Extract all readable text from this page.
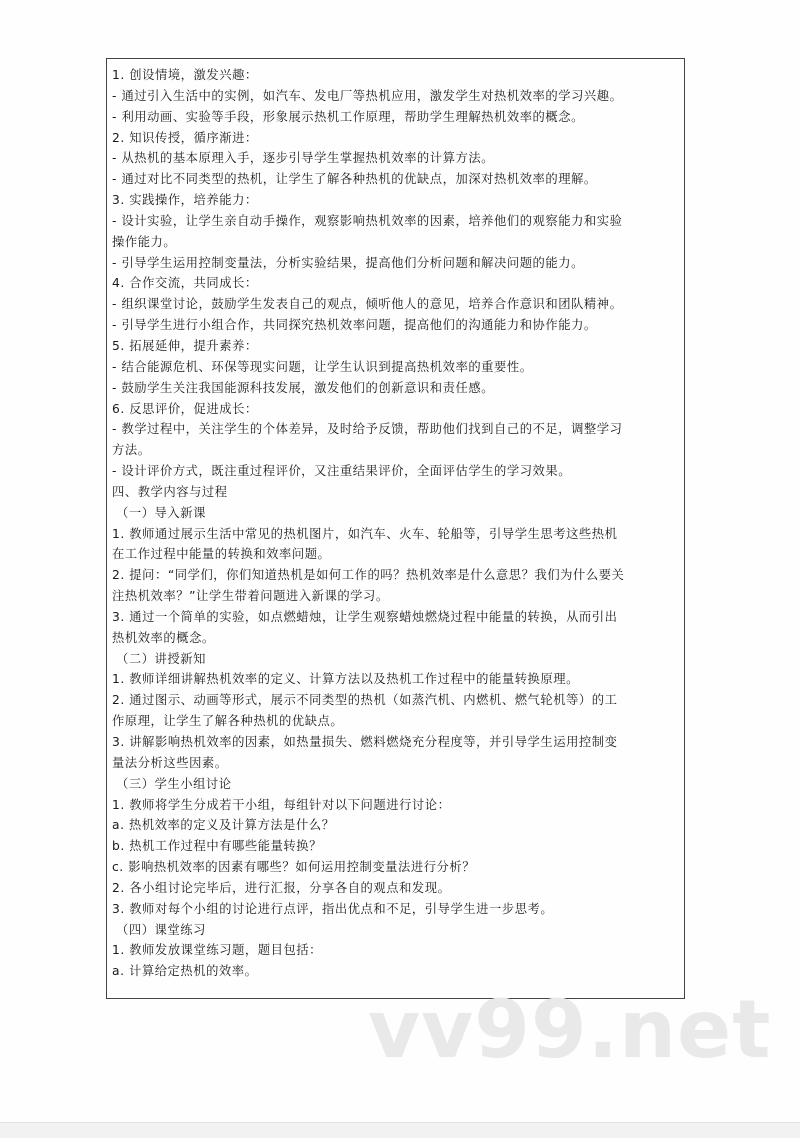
1. 创设情境，激发兴趣：
- 通过引入生活中的实例，如汽车、发电厂等热机应用，激发学生对热机效率的学习兴趣。
- 利用动画、实验等手段，形象展示热机工作原理，帮助学生理解热机效率的概念。
2. 知识传授，循序渐进：
- 从热机的基本原理入手，逐步引导学生掌握热机效率的计算方法。
- 通过对比不同类型的热机，让学生了解各种热机的优缺点，加深对热机效率的理解。
3. 实践操作，培养能力：
- 设计实验，让学生亲自动手操作，观察影响热机效率的因素，培养他们的观察能力和实验
操作能力。
- 引导学生运用控制变量法，分析实验结果，提高他们分析问题和解决问题的能力。
4. 合作交流，共同成长：
- 组织课堂讨论，鼓励学生发表自己的观点，倾听他人的意见，培养合作意识和团队精神。
- 引导学生进行小组合作，共同探究热机效率问题，提高他们的沟通能力和协作能力。
5. 拓展延伸，提升素养：
- 结合能源危机、环保等现实问题，让学生认识到提高热机效率的重要性。
- 鼓励学生关注我国能源科技发展，激发他们的创新意识和责任感。
6. 反思评价，促进成长：
- 教学过程中，关注学生的个体差异，及时给予反馈，帮助他们找到自己的不足，调整学习
方法。
- 设计评价方式，既注重过程评价，又注重结果评价，全面评估学生的学习效果。
四、教学内容与过程
（一）导入新课
1. 教师通过展示生活中常见的热机图片，如汽车、火车、轮船等，引导学生思考这些热机
在工作过程中能量的转换和效率问题。
2. 提问：“同学们，你们知道热机是如何工作的吗？热机效率是什么意思？我们为什么要关
注热机效率？”让学生带着问题进入新课的学习。
3. 通过一个简单的实验，如点燃蜡烛，让学生观察蜡烛燃烧过程中能量的转换，从而引出
热机效率的概念。
（二）讲授新知
1. 教师详细讲解热机效率的定义、计算方法以及热机工作过程中的能量转换原理。
2. 通过图示、动画等形式，展示不同类型的热机（如蒸汽机、内燃机、燃气轮机等）的工
作原理，让学生了解各种热机的优缺点。
3. 讲解影响热机效率的因素，如热量损失、燃料燃烧充分程度等，并引导学生运用控制变
量法分析这些因素。
（三）学生小组讨论
1. 教师将学生分成若干小组，每组针对以下问题进行讨论：
a. 热机效率的定义及计算方法是什么？
b. 热机工作过程中有哪些能量转换？
c. 影响热机效率的因素有哪些？如何运用控制变量法进行分析？
2. 各小组讨论完毕后，进行汇报，分享各自的观点和发现。
3. 教师对每个小组的讨论进行点评，指出优点和不足，引导学生进一步思考。
（四）课堂练习
1. 教师发放课堂练习题，题目包括：
a. 计算给定热机的效率。
vv99.net
